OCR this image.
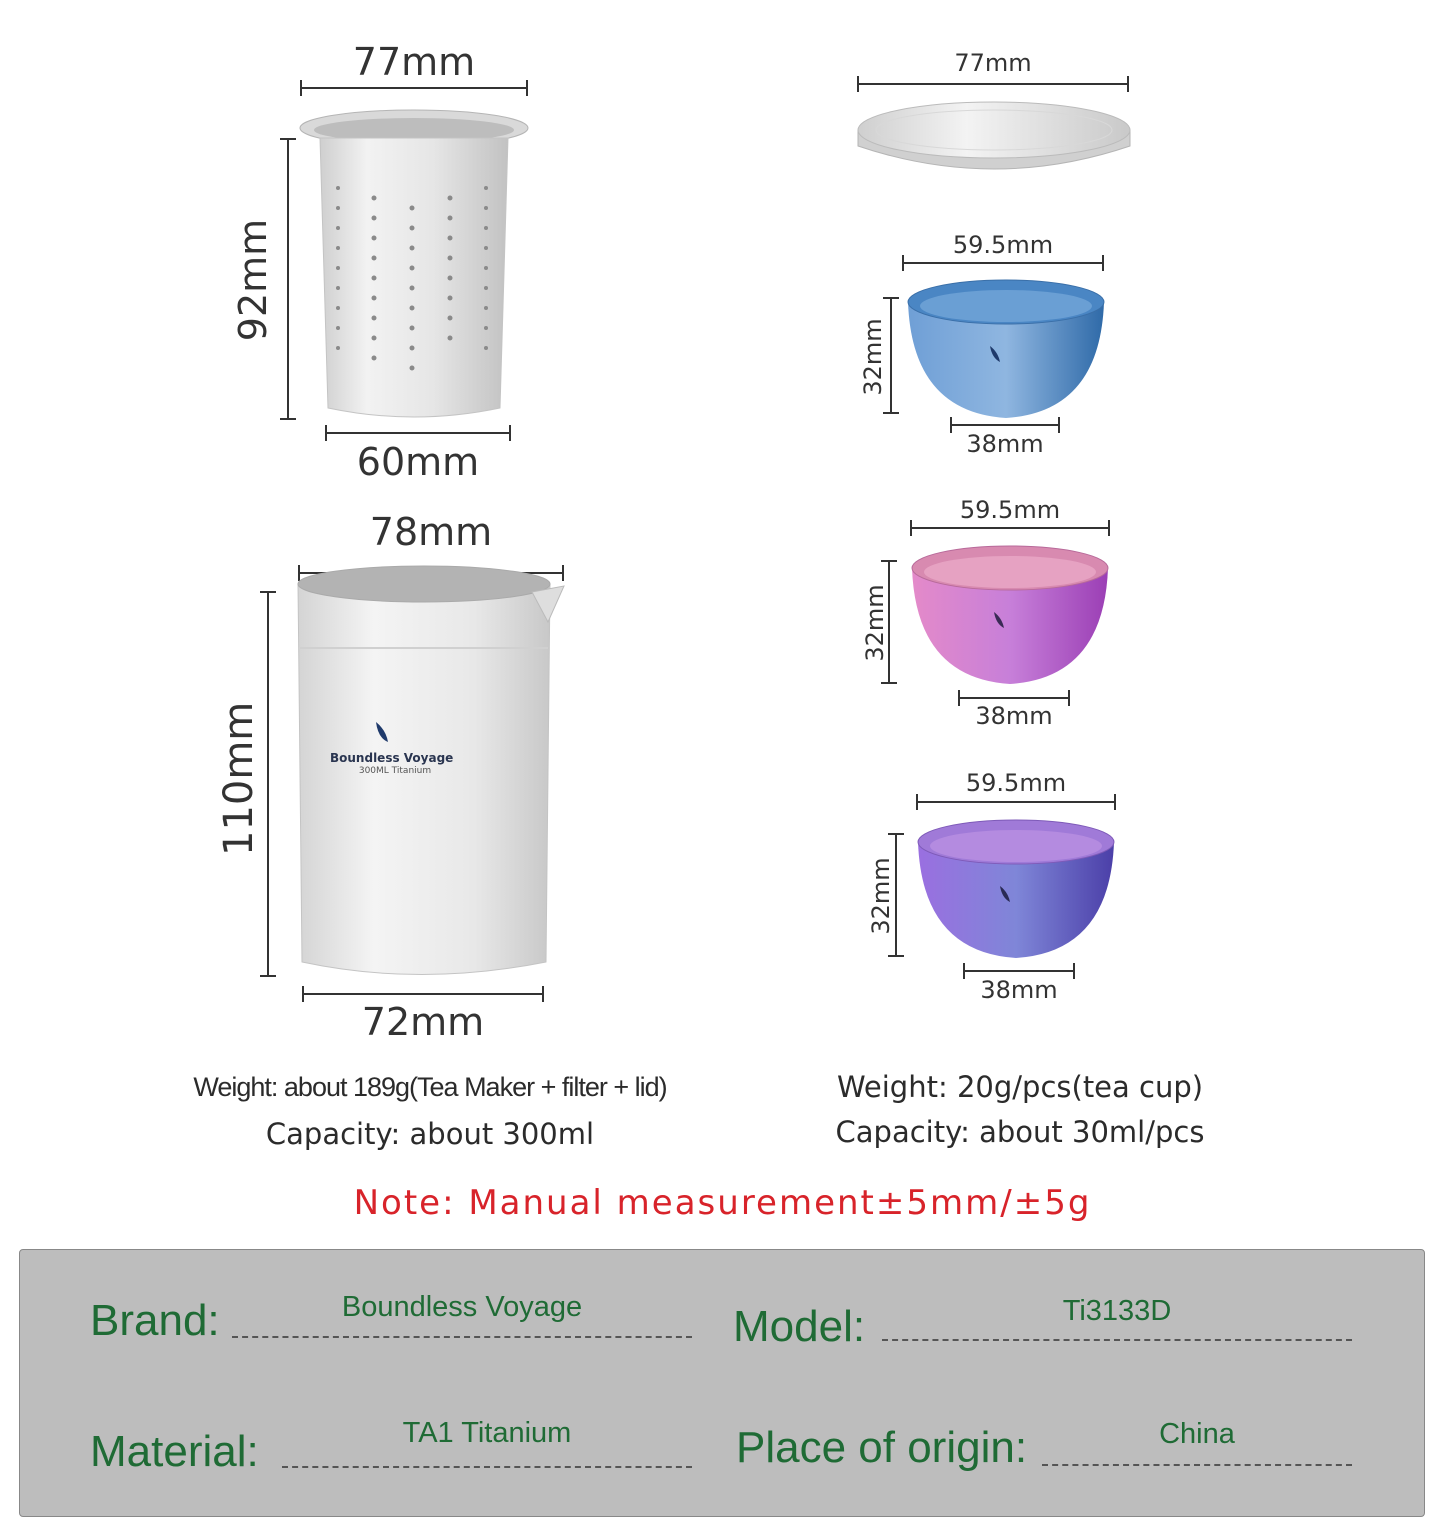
77mm
92mm
60mm
78mm
110mm	Boundless Voyage
300ML Titanium
72mm
77mm
59.5mm
32mm
38mm
59.5mm
32mm
38mm
59.5mm
32mm
38mm
Weight: about 189g(Tea Maker + filter + lid)
Capacity: about 300ml
Weight: 20g/pcs(tea cup)
Capacity: about 30ml/pcs
Note: Manual measurement±5mm/±5g
Brand:	Boundless Voyage	Model:	Ti3133D
Material:	TA1 Titanium	Place of origin:	China
